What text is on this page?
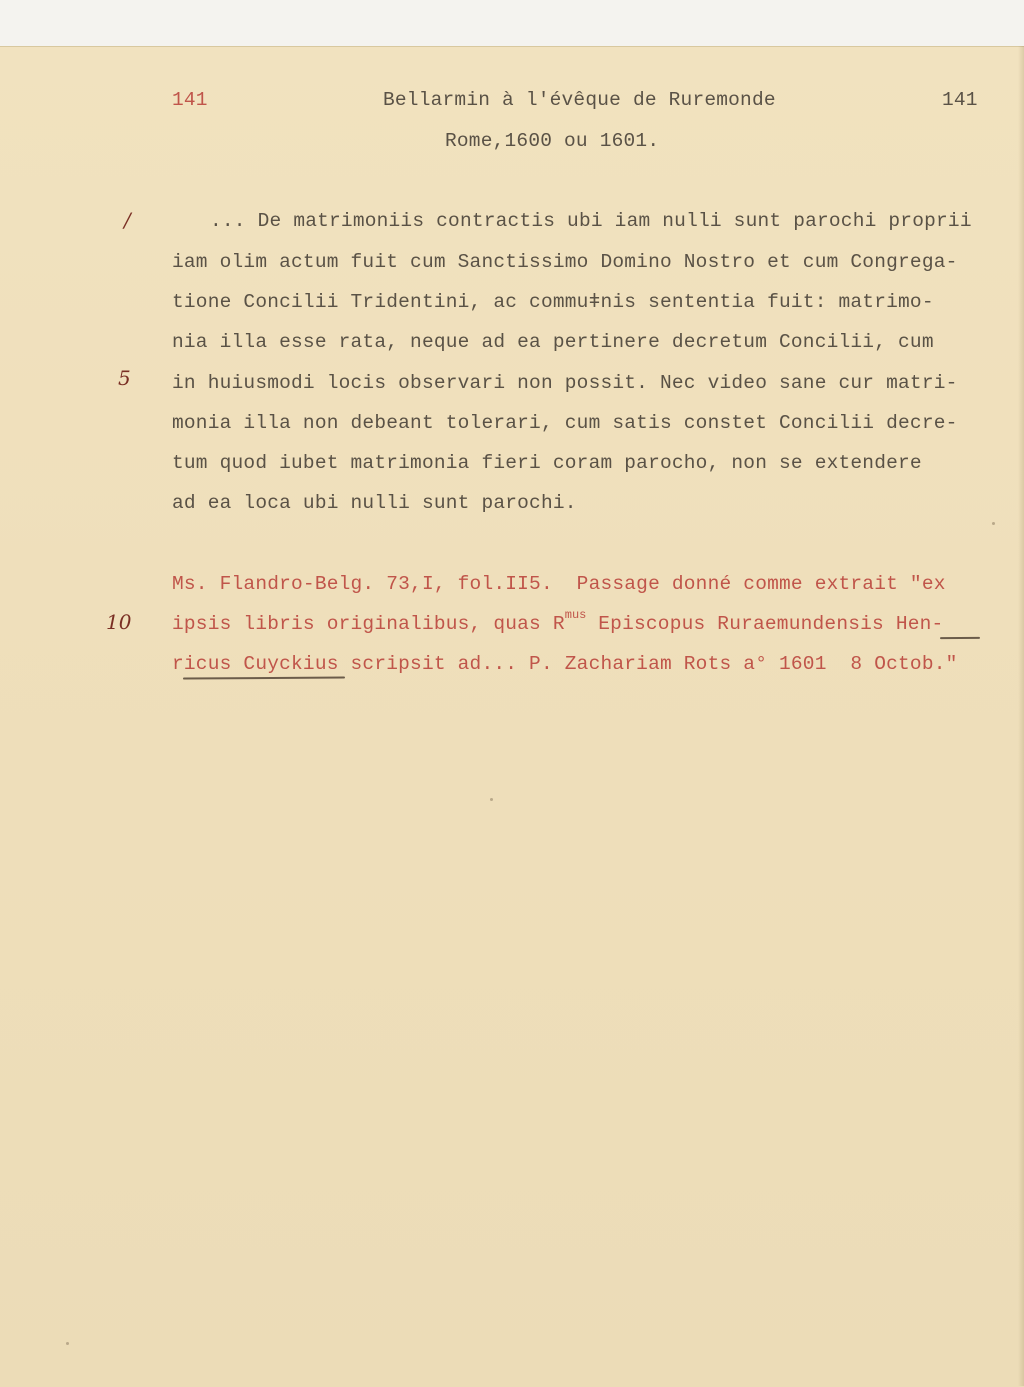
141	Bellarmin à l'évêque de Ruremonde	141
Rome,1600 ou 1601.
/
5
10
... De matrimoniis contractis ubi iam nulli sunt parochi proprii
iam olim actum fuit cum Sanctissimo Domino Nostro et cum Congrega-
tione Concilii Tridentini, ac commuǂnis sententia fuit: matrimo-
nia illa esse rata, neque ad ea pertinere decretum Concilii, cum
in huiusmodi locis observari non possit. Nec video sane cur matri-
monia illa non debeant tolerari, cum satis constet Concilii decre-
tum quod iubet matrimonia fieri coram parocho, non se extendere
ad ea loca ubi nulli sunt parochi.
Ms. Flandro-Belg. 73,I, fol.II5.  Passage donné comme extrait "ex
ipsis libris originalibus, quas $R^{mus}$ Episcopus Ruraemundensis Hen-
ricus Cuyckius scripsit ad... P. Zachariam Rots a° 1601  8 Octob."
